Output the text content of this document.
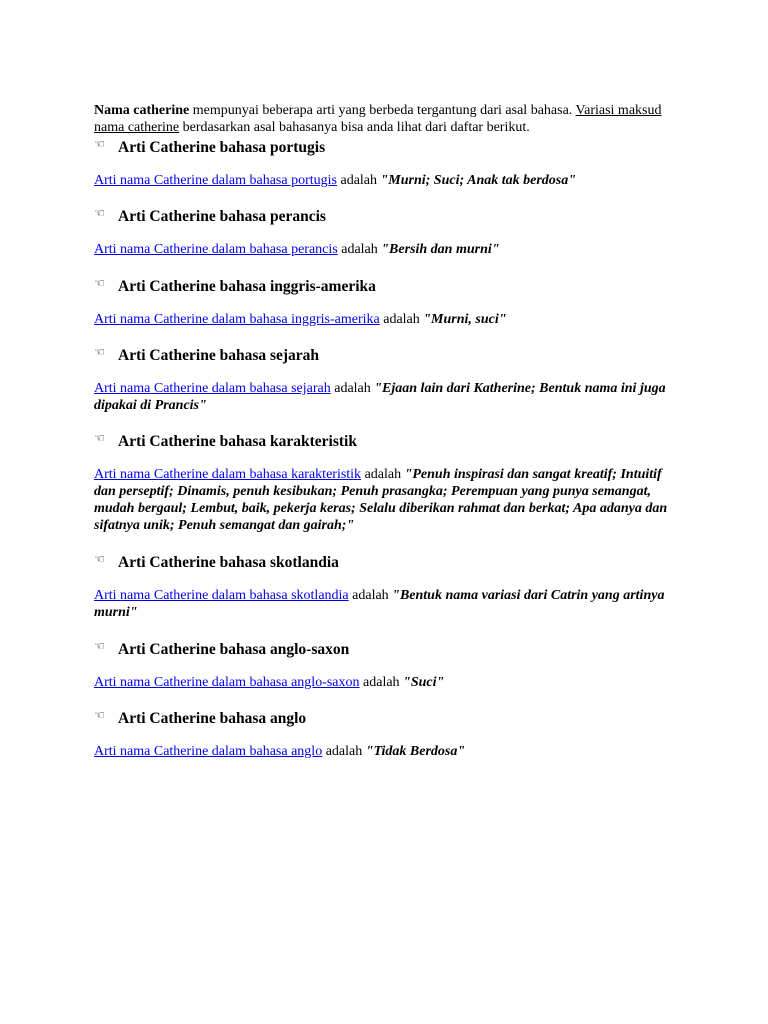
Nama catherine mempunyai beberapa arti yang berbeda tergantung dari asal bahasa. Variasi maksud nama catherine berdasarkan asal bahasanya bisa anda lihat dari daftar berikut.

☜ Arti Catherine bahasa portugis
Arti nama Catherine dalam bahasa portugis adalah "Murni; Suci; Anak tak berdosa"
☜ Arti Catherine bahasa perancis
Arti nama Catherine dalam bahasa perancis adalah "Bersih dan murni"
☜ Arti Catherine bahasa inggris-amerika
Arti nama Catherine dalam bahasa inggris-amerika adalah "Murni, suci"
☜ Arti Catherine bahasa sejarah
Arti nama Catherine dalam bahasa sejarah adalah "Ejaan lain dari Katherine; Bentuk nama ini juga dipakai di Prancis"
☜ Arti Catherine bahasa karakteristik
Arti nama Catherine dalam bahasa karakteristik adalah "Penuh inspirasi dan sangat kreatif; Intuitif dan perseptif; Dinamis, penuh kesibukan; Penuh prasangka; Perempuan yang punya semangat, mudah bergaul; Lembut, baik, pekerja keras; Selalu diberikan rahmat dan berkat; Apa adanya dan sifatnya unik; Penuh semangat dan gairah;"
☜ Arti Catherine bahasa skotlandia
Arti nama Catherine dalam bahasa skotlandia adalah "Bentuk nama variasi dari Catrin yang artinya murni"
☜ Arti Catherine bahasa anglo-saxon
Arti nama Catherine dalam bahasa anglo-saxon adalah "Suci"
☜ Arti Catherine bahasa anglo
Arti nama Catherine dalam bahasa anglo adalah "Tidak Berdosa"
